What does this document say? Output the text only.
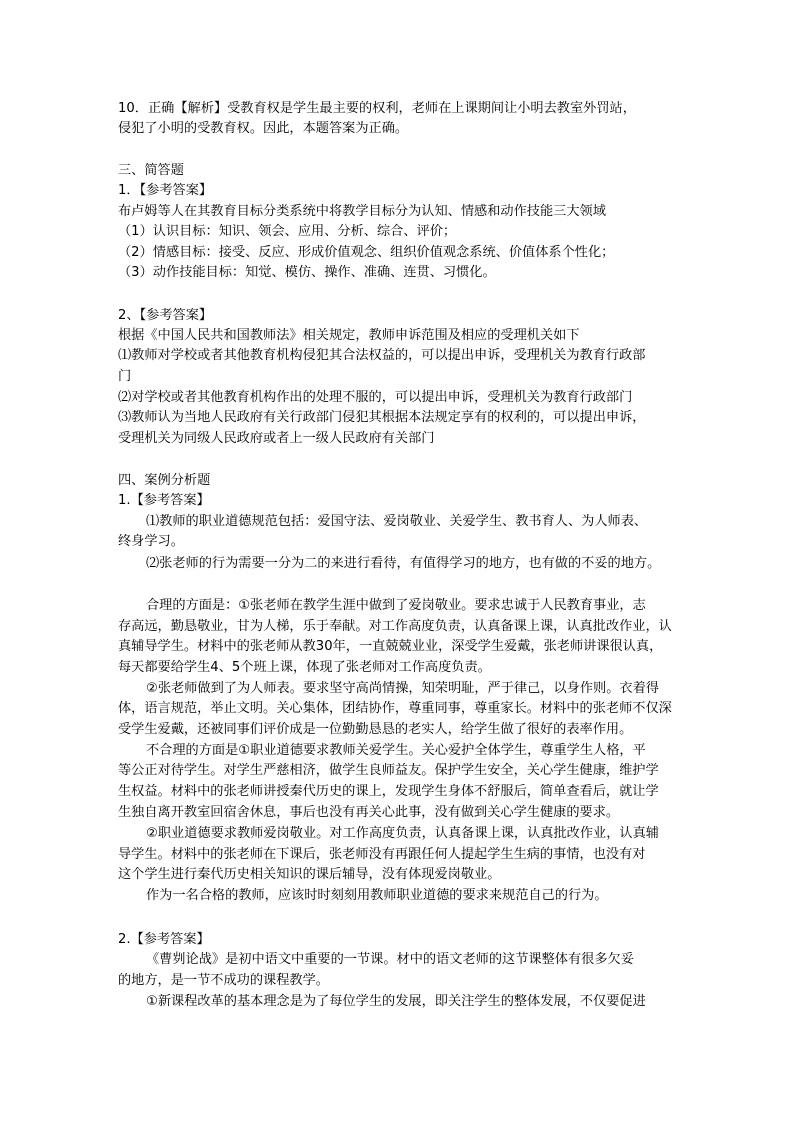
10．正确【解析】受教育权是学生最主要的权利，老师在上课期间让小明去教室外罚站，
侵犯了小明的受教育权。因此，本题答案为正确。
三、简答题
1．【参考答案】
布卢姆等人在其教育目标分类系统中将教学目标分为认知、情感和动作技能三大领域
（1）认识目标：知识、领会、应用、分析、综合、评价；
（2）情感目标：接受、反应、形成价值观念、组织价值观念系统、价值体系个性化；
（3）动作技能目标：知觉、模仿、操作、准确、连贯、习惯化。
2、【参考答案】
根据《中国人民共和国教师法》相关规定，教师申诉范围及相应的受理机关如下
⑴教师对学校或者其他教育机构侵犯其合法权益的，可以提出申诉，受理机关为教育行政部
门
⑵对学校或者其他教育机构作出的处理不服的，可以提出申诉，受理机关为教育行政部门
⑶教师认为当地人民政府有关行政部门侵犯其根据本法规定享有的权利的，可以提出申诉，
受理机关为同级人民政府或者上一级人民政府有关部门
四、案例分析题
1.【参考答案】
⑴教师的职业道德规范包括：爱国守法、爱岗敬业、关爱学生、教书育人、为人师表、
终身学习。
⑵张老师的行为需要一分为二的来进行看待，有值得学习的地方，也有做的不妥的地方。
合理的方面是：①张老师在教学生涯中做到了爱岗敬业。要求忠诚于人民教育事业，志
存高远，勤恳敬业，甘为人梯，乐于奉献。对工作高度负责，认真备课上课，认真批改作业，认
真辅导学生。材料中的张老师从教30年，一直兢兢业业，深受学生爱戴，张老师讲课很认真，
每天都要给学生4、5个班上课，体现了张老师对工作高度负责。
②张老师做到了为人师表。要求坚守高尚情操，知荣明耻，严于律己，以身作则。衣着得
体，语言规范，举止文明。关心集体，团结协作，尊重同事，尊重家长。材料中的张老师不仅深
受学生爱戴，还被同事们评价成是一位勤勤恳恳的老实人，给学生做了很好的表率作用。
不合理的方面是①职业道德要求教师关爱学生。关心爱护全体学生，尊重学生人格，平
等公正对待学生。对学生严慈相济，做学生良师益友。保护学生安全，关心学生健康，维护学
生权益。材料中的张老师讲授秦代历史的课上，发现学生身体不舒服后，简单查看后，就让学
生独自离开教室回宿舍休息，事后也没有再关心此事，没有做到关心学生健康的要求。
②职业道德要求教师爱岗敬业。对工作高度负责，认真备课上课，认真批改作业，认真辅
导学生。材料中的张老师在下课后，张老师没有再跟任何人提起学生生病的事情，也没有对
这个学生进行秦代历史相关知识的课后辅导，没有体现爱岗敬业。
作为一名合格的教师，应该时时刻刻用教师职业道德的要求来规范自己的行为。
2.【参考答案】
《曹刿论战》是初中语文中重要的一节课。材中的语文老师的这节课整体有很多欠妥
的地方，是一节不成功的课程教学。
①新课程改革的基本理念是为了每位学生的发展，即关注学生的整体发展，不仅要促进
